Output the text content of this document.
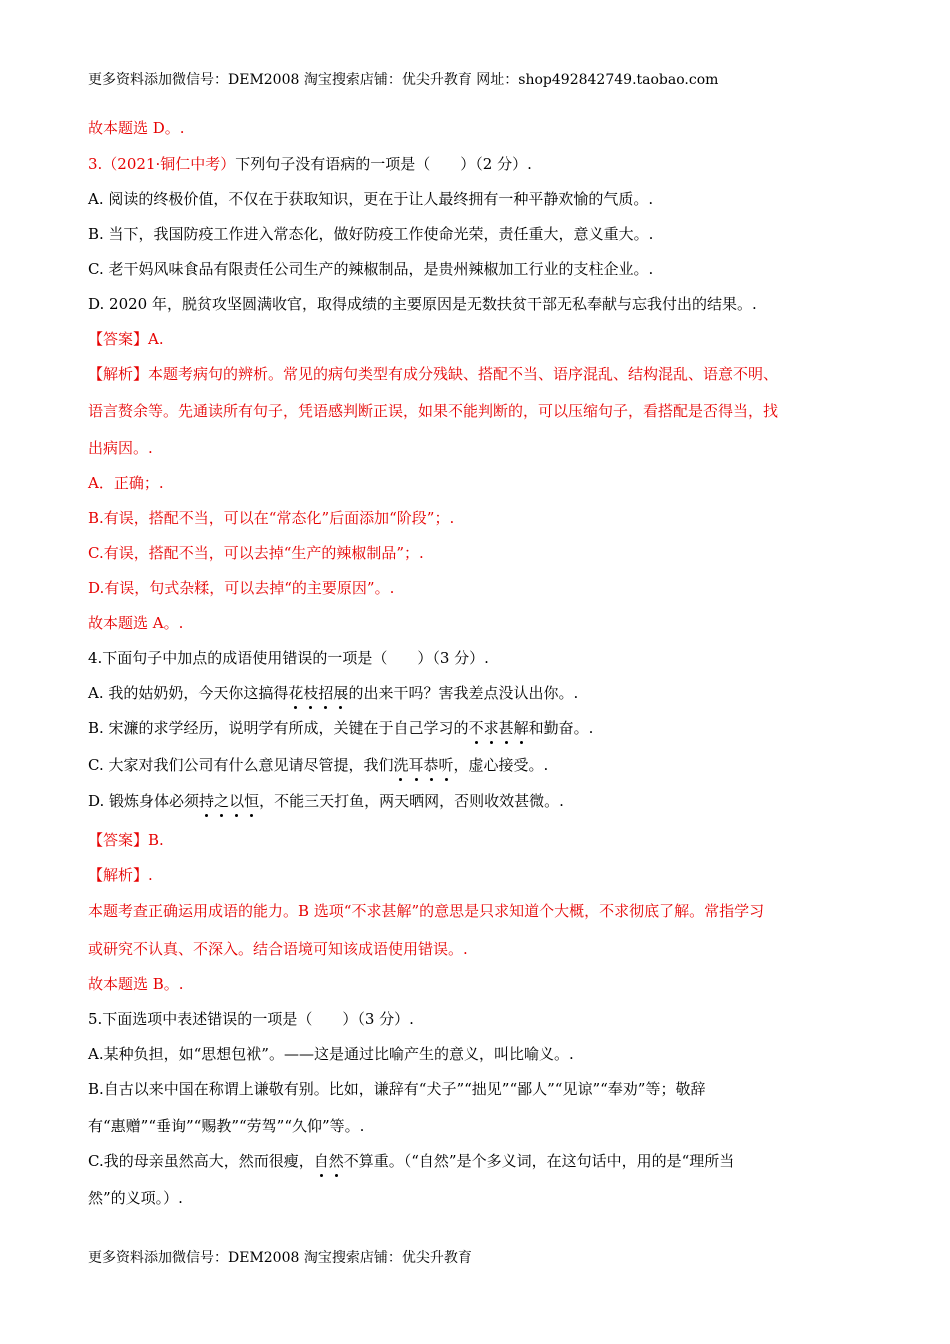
更多资料添加微信号：DEM2008 淘宝搜索店铺：优尖升教育 网址：shop492842749.taobao.com
故本题选 D。.
3.（2021·铜仁中考）下列句子没有语病的一项是（　　）（2 分）.
A. 阅读的终极价值，不仅在于获取知识，更在于让人最终拥有一种平静欢愉的气质。.
B. 当下，我国防疫工作进入常态化，做好防疫工作使命光荣，责任重大，意义重大。.
C. 老干妈风味食品有限责任公司生产的辣椒制品，是贵州辣椒加工行业的支柱企业。.
D. 2020 年，脱贫攻坚圆满收官，取得成绩的主要原因是无数扶贫干部无私奉献与忘我付出的结果。.
【答案】A.
【解析】本题考病句的辨析。常见的病句类型有成分残缺、搭配不当、语序混乱、结构混乱、语意不明、
语言赘余等。先通读所有句子，凭语感判断正误，如果不能判断的，可以压缩句子，看搭配是否得当，找
出病因。.
A．正确；.
B.有误，搭配不当，可以在“常态化”后面添加“阶段”；.
C.有误，搭配不当，可以去掉“生产的辣椒制品”；.
D.有误，句式杂糅，可以去掉“的主要原因”。.
故本题选 A。.
4.下面句子中加点的成语使用错误的一项是（　　）（3 分）.
A. 我的姑奶奶，今天你这搞得花枝招展的出来干吗？害我差点没认出你。.
B. 宋濂的求学经历，说明学有所成，关键在于自己学习的不求甚解和勤奋。.
C. 大家对我们公司有什么意见请尽管提，我们洗耳恭听，虚心接受。.
D. 锻炼身体必须持之以恒，不能三天打鱼，两天晒网，否则收效甚微。.
【答案】B.
【解析】.
本题考查正确运用成语的能力。B 选项“不求甚解”的意思是只求知道个大概，不求彻底了解。常指学习
或研究不认真、不深入。结合语境可知该成语使用错误。.
故本题选 B。.
5.下面选项中表述错误的一项是（　　）（3 分）.
A.某种负担，如“思想包袱”。——这是通过比喻产生的意义，叫比喻义。.
B.自古以来中国在称谓上谦敬有别。比如，谦辞有“犬子”“拙见”“鄙人”“见谅”“奉劝”等；敬辞
有“惠赠”“垂询”“赐教”“劳驾”“久仰”等。.
C.我的母亲虽然高大，然而很瘦，自然不算重。（“自然”是个多义词，在这句话中，用的是“理所当
然”的义项。）.
更多资料添加微信号：DEM2008 淘宝搜索店铺：优尖升教育
